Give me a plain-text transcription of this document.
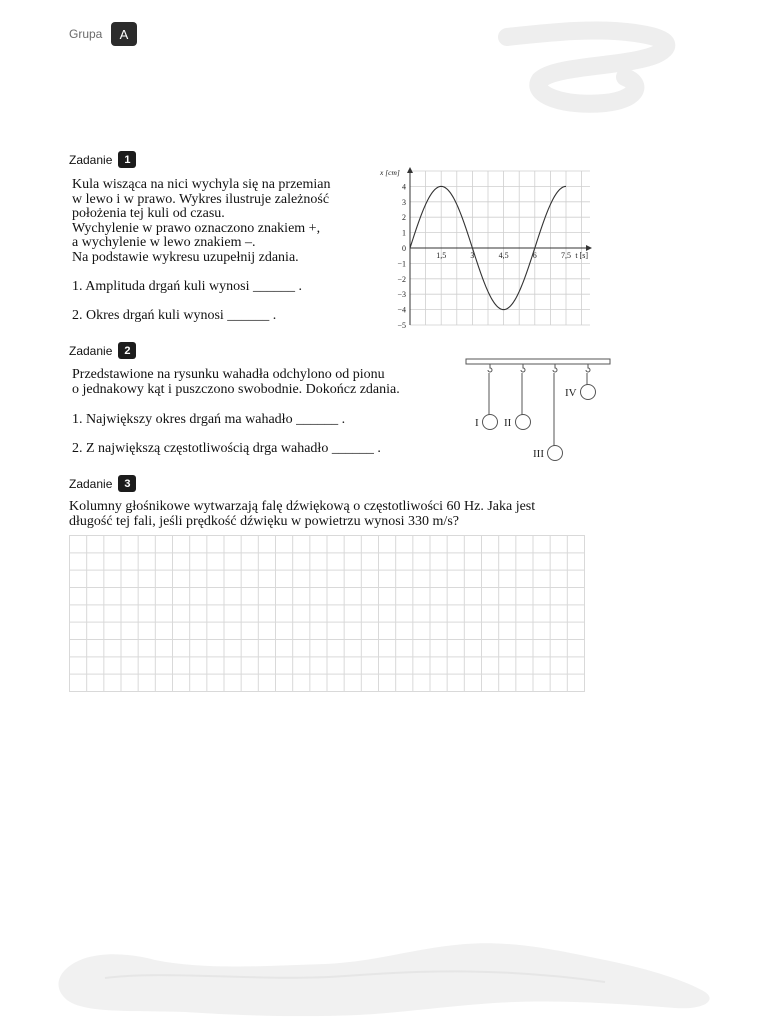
Grupa	A
Zadanie	1
Kula wisząca na nici wychyla się na przemian
w lewo i w prawo. Wykres ilustruje zależność
położenia tej kuli od czasu.
Wychylenie w prawo oznaczono znakiem +,
a wychylenie w lewo znakiem –.
Na podstawie wykresu uzupełnij zdania.
1. Amplituda drgań kuli wynosi ______ .
2. Okres drgań kuli wynosi ______ .
4
3
2
1
0
−1
−2
−3
−4
−5
1,5	3	4,5	6	7,5
x [cm]
t [s]
Zadanie	2
Przedstawione na rysunku wahadła odchylono od pionu
o jednakowy kąt i puszczono swobodnie. Dokończ zdania.
1. Największy okres drgań ma wahadło ______ .
2. Z największą częstotliwością drga wahadło ______ .
I II
III
IV
Zadanie	3
Kolumny głośnikowe wytwarzają falę dźwiękową o częstotliwości 60 Hz. Jaka jest
długość tej fali, jeśli prędkość dźwięku w powietrzu wynosi 330 m/s?
